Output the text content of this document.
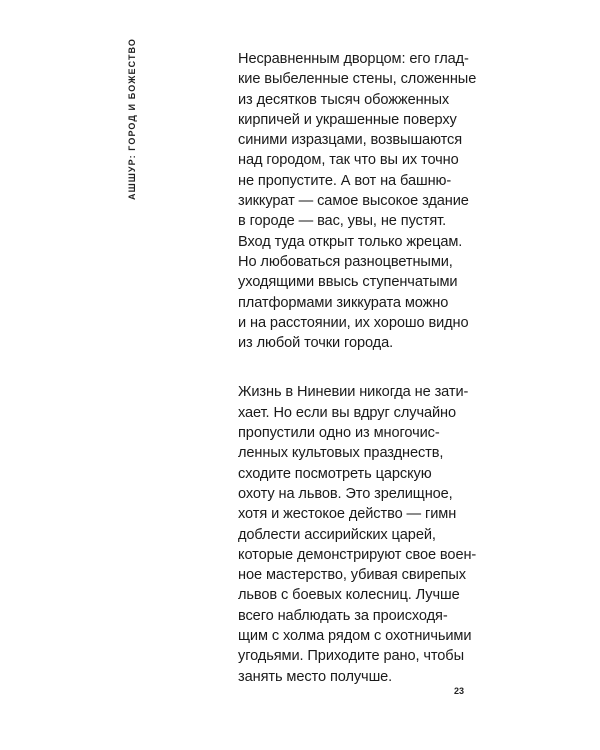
АШШУР: ГОРОД И БОЖЕСТВО	Несравненным дворцом: его глад-
кие выбеленные стены, сложенные
из десятков тысяч обожженных
кирпичей и украшенные поверху
синими изразцами, возвышаются
над городом, так что вы их точно
не пропустите. А вот на башню-
зиккурат — самое высокое здание
в городе — вас, увы, не пустят.
Вход туда открыт только жрецам.
Но любоваться разноцветными,
уходящими ввысь ступенчатыми
платформами зиккурата можно
и на расстоянии, их хорошо видно
из любой точки города.

Жизнь в Ниневии никогда не зати-
хает. Но если вы вдруг случайно
пропустили одно из многочис-
ленных культовых празднеств,
сходите посмотреть царскую
охоту на львов. Это зрелищное,
хотя и жестокое действо — гимн
доблести ассирийских царей,
которые демонстрируют свое воен-
ное мастерство, убивая свирепых
львов с боевых колесниц. Лучше
всего наблюдать за происходя-
щим с холма рядом с охотничьими
угодьями. Приходите рано, чтобы
занять место получше.

23
